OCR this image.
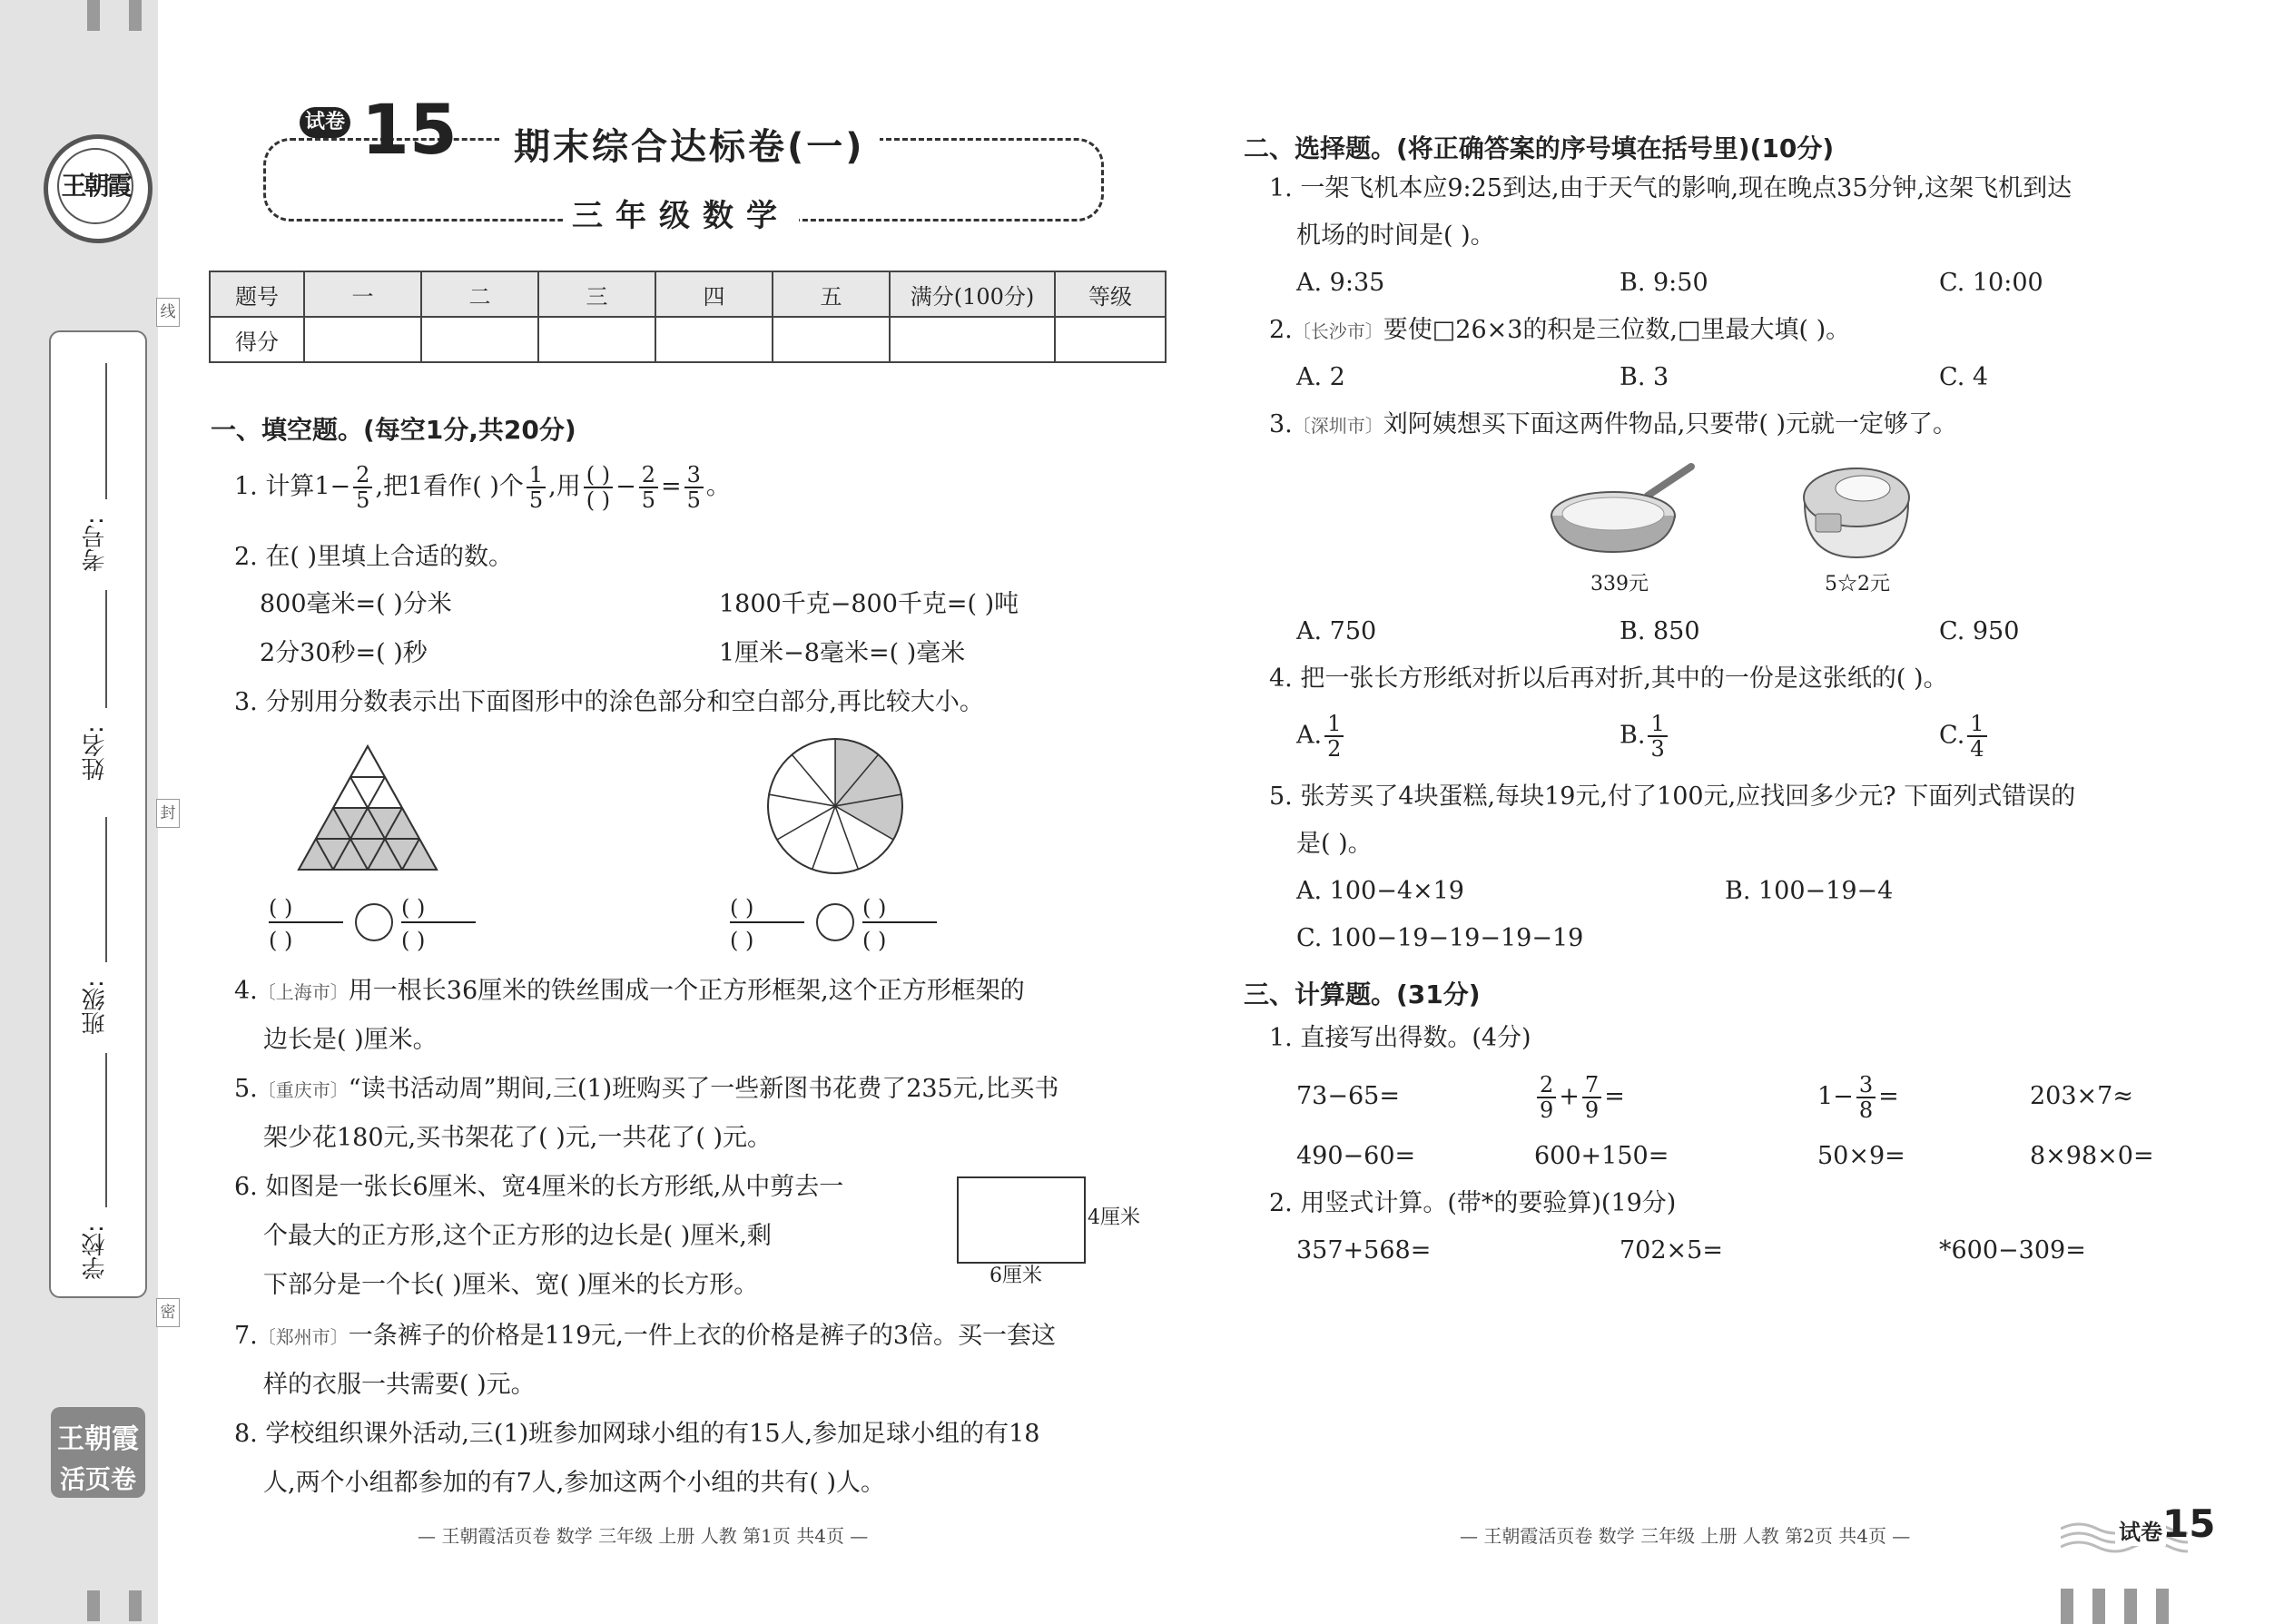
王朝霞
考号:
姓名:
班级:
学校:
线
封
密
王朝霞
活页卷
试卷 15	期末综合达标卷(一)
三年级数学
题号	一	二	三	四	五	满分(100分)	等级
得分							
一、填空题。(每空1分,共20分)
1. 计算$1- \frac{2}{5}$ ,把1看作( )个 $\frac{1}{5}$ ,用 $\frac{( )}{( )} - \frac{2}{5} = \frac{3}{5}$ 。
2. 在( )里填上合适的数。
800毫米=( )分米	1800千克−800千克=( )吨
2分30秒=( )秒	1厘米−8毫米=( )毫米
3. 分别用分数表示出下面图形中的涂色部分和空白部分,再比较大小。
( )
( )
( )
( )
( )
( )
( )
( )
4.〔上海市〕用一根长36厘米的铁丝围成一个正方形框架,这个正方形框架的
边长是( )厘米。
5.〔重庆市〕“读书活动周”期间,三(1)班购买了一些新图书花费了235元,比买书
架少花180元,买书架花了( )元,一共花了( )元。
6. 如图是一张长6厘米、宽4厘米的长方形纸,从中剪去一
个最大的正方形,这个正方形的边长是( )厘米,剩
下部分是一个长( )厘米、宽( )厘米的长方形。
4厘米
6厘米
7.〔郑州市〕一条裤子的价格是119元,一件上衣的价格是裤子的3倍。买一套这
样的衣服一共需要( )元。
8. 学校组织课外活动,三(1)班参加网球小组的有15人,参加足球小组的有18
人,两个小组都参加的有7人,参加这两个小组的共有( )人。
— 王朝霞活页卷 数学 三年级 上册 人教 第1页 共4页 —
二、选择题。(将正确答案的序号填在括号里)(10分)
1. 一架飞机本应9:25到达,由于天气的影响,现在晚点35分钟,这架飞机到达
机场的时间是( )。
A. 9:35	B. 9:50	C. 10:00
2.〔长沙市〕要使□26×3的积是三位数,□里最大填( )。
A. 2	B. 3	C. 4
3.〔深圳市〕刘阿姨想买下面这两件物品,只要带( )元就一定够了。
339元	5☆2元
A. 750	B. 850	C. 950
4. 把一张长方形纸对折以后再对折,其中的一份是这张纸的( )。
A. $\frac{1}{2}$	B. $\frac{1}{3}$	C. $\frac{1}{4}$
5. 张芳买了4块蛋糕,每块19元,付了100元,应找回多少元? 下面列式错误的
是( )。
A. 100−4×19	B. 100−19−4
C. 100−19−19−19−19
三、计算题。(31分)
1. 直接写出得数。(4分)
73−65=	$\frac{2}{9} + \frac{7}{9}$ =	$1- \frac{3}{8}$ =	203×7≈
490−60=	600+150=	50×9=	8×98×0=
2. 用竖式计算。(带*的要验算)(19分)
357+568=	702×5=	*600−309=
— 王朝霞活页卷 数学 三年级 上册 人教 第2页 共4页 —	试卷 15
